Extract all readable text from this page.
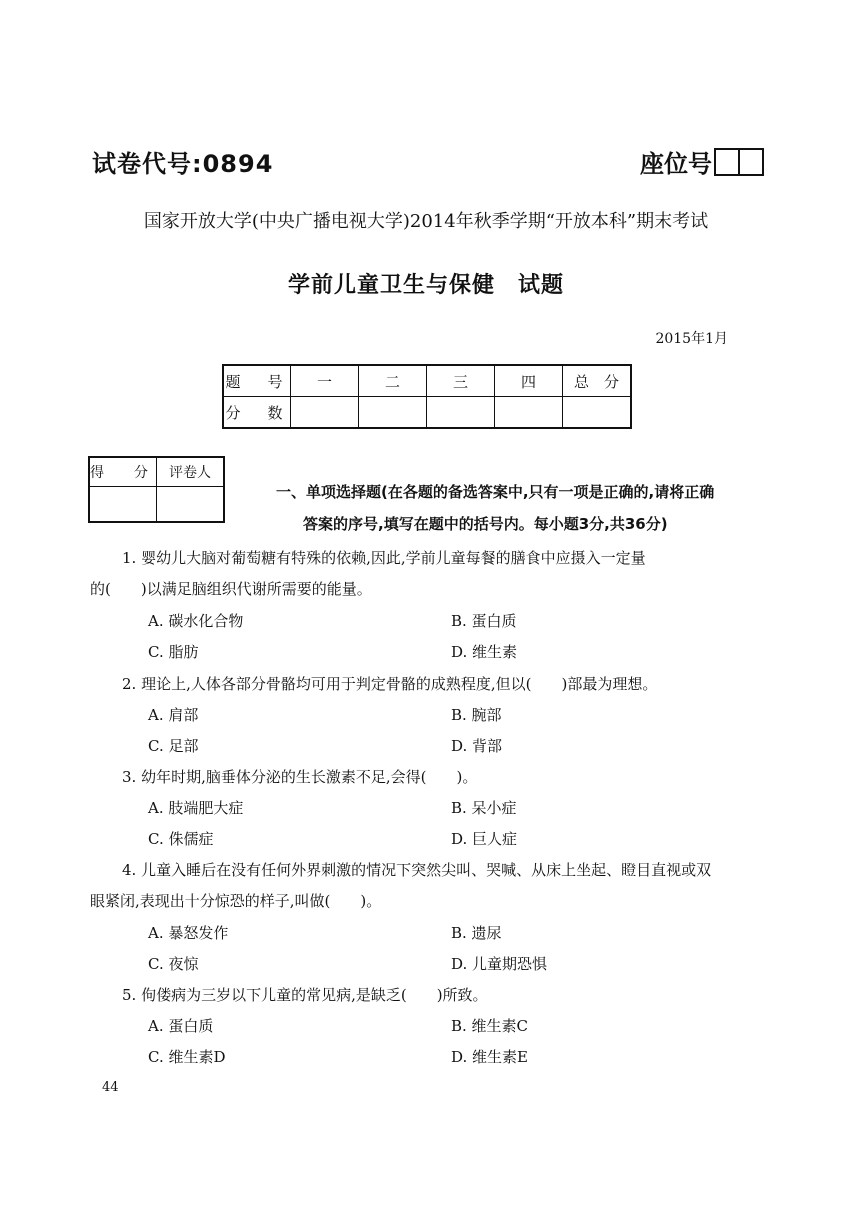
试卷代号:0894	座位号
国家开放大学(中央广播电视大学)2014年秋季学期“开放本科”期末考试
学前儿童卫生与保健　试题
2015年1月
题　号	一	二	三	四	总　分
分　数					
得　分	评卷人

一、单项选择题(在各题的备选答案中,只有一项是正确的,请将正确
答案的序号,填写在题中的括号内。每小题3分,共36分)
1. 婴幼儿大脑对葡萄糖有特殊的依赖,因此,学前儿童每餐的膳食中应摄入一定量
的(　　)以满足脑组织代谢所需要的能量。
A. 碳水化合物	B. 蛋白质
C. 脂肪	D. 维生素
2. 理论上,人体各部分骨骼均可用于判定骨骼的成熟程度,但以(　　)部最为理想。
A. 肩部	B. 腕部
C. 足部	D. 背部
3. 幼年时期,脑垂体分泌的生长激素不足,会得(　　)。
A. 肢端肥大症	B. 呆小症
C. 侏儒症	D. 巨人症
4. 儿童入睡后在没有任何外界刺激的情况下突然尖叫、哭喊、从床上坐起、瞪目直视或双
眼紧闭,表现出十分惊恐的样子,叫做(　　)。
A. 暴怒发作	B. 遗尿
C. 夜惊	D. 儿童期恐惧
5. 佝偻病为三岁以下儿童的常见病,是缺乏(　　)所致。
A. 蛋白质	B. 维生素C
C. 维生素D	D. 维生素E
44
